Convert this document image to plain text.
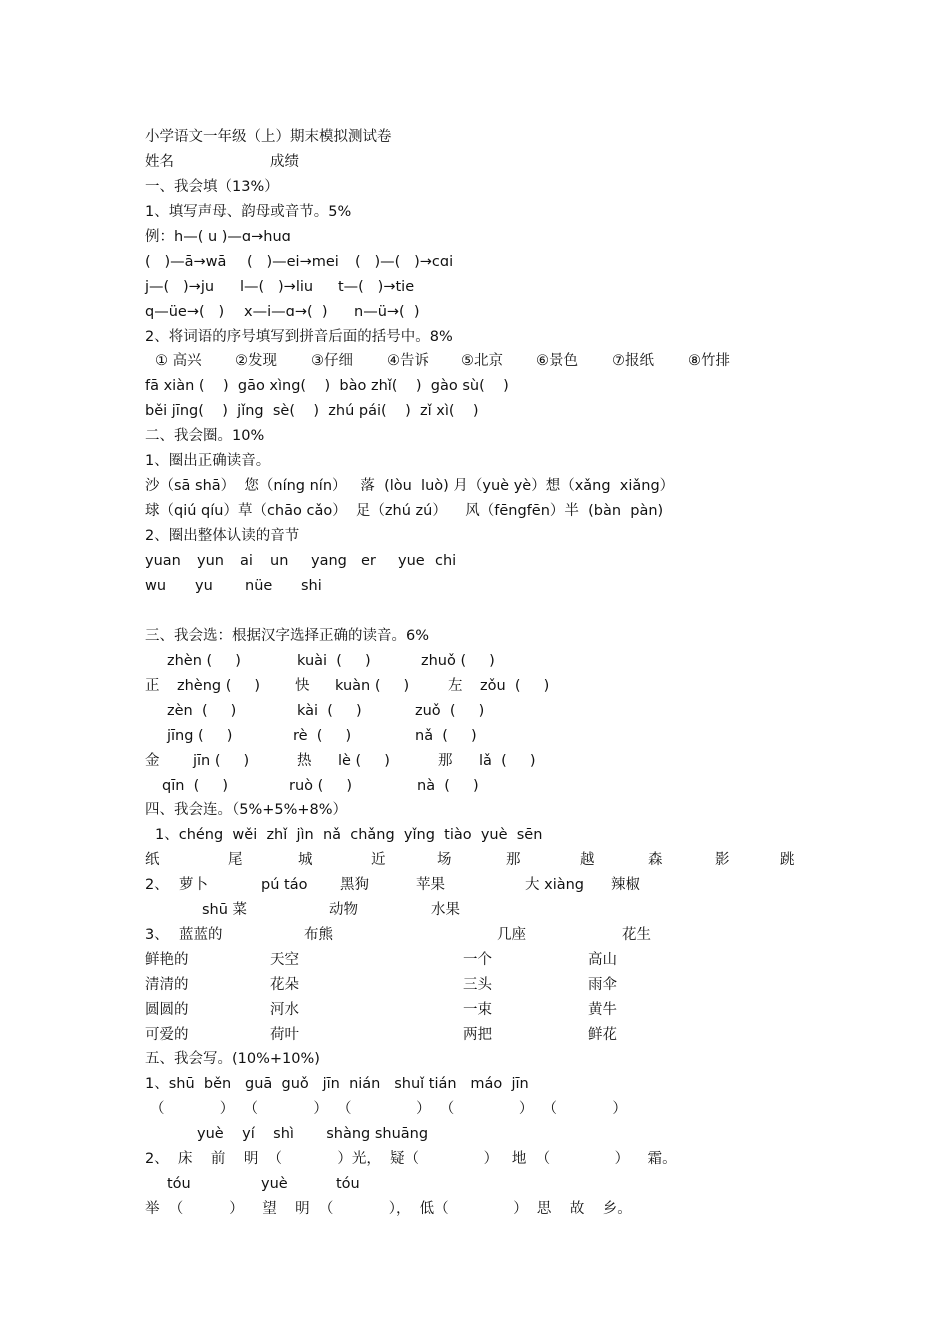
小学语文一年级（上）期末模拟测试卷
姓名	成绩
一、我会填（13%）
1、填写声母、韵母或音节。5%
例：h—( u )—ɑ→huɑ
(   )—ā→wā (   )—ei→mei (   )—(   )→cɑi
j—(   )→ju l—(   )→liu t—(   )→tie
q—üe→(   ) x—i—ɑ→(  ) n—ü→(  )
2、将词语的序号填写到拼音后面的括号中。8%
① 高兴 ②发现 ③仔细 ④告诉 ⑤北京 ⑥景色 ⑦报纸 ⑧竹排
fā xiàn (    )  gāo xìng(    )  bào zhǐ(    )  gào sù(    )
běi jīng(    )  jǐng  sè(    )  zhú pái(    )  zǐ xì(    )
二、我会圈。10%
1、圈出正确读音。
沙（sā shā）  您（níng nín）   落  (lòu  luò) 月（yuè yè）想（xǎng  xiǎng）
球（qiú qíu）草（chāo cǎo）  足（zhú zú）    风（fēngfēn）半  (bàn  pàn)
2、圈出整体认读的音节
yuan yun ai un yang er yue chi
wu yu nüe shi
三、我会选：根据汉字选择正确的读音。6%
zhèn (     )	kuài  (     )	zhuǒ (     )
正 zhèng (     ) 快 kuàn (     )	左 zǒu  (     )
zèn  (     )	kài  (     )	zuǒ  (     )
jīng (     )	rè  (     )	nǎ  (     )
金 jīn (     )	热 lè (     )	那 lǎ  (     )
qīn  (     )	ruò (     )	nà  (     )
四、我会连。（5%+5%+8%）
1、chéng  wěi  zhǐ  jìn  nǎ  chǎng  yǐng  tiào  yuè  sēn
纸	尾	城	近	场	那	越	森	影	跳
2、 萝卜	pú táo 黑狗	苹果	大 xiàng 辣椒
shū 菜	动物	水果
3、 蓝蓝的	布熊	几座	花生
鲜艳的	天空	一个	高山
清清的	花朵	三头	雨伞
圆圆的	河水	一束	黄牛
可爱的	荷叶	两把	鲜花
五、我会写。(10%+10%)
1、shū  běn   guā  guǒ   jīn  nián   shuǐ tián   máo  jīn
（            ）  （            ）  （              ）  （              ）  （            ）
yuè    yí    shì       shàng shuāng
2、  床    前    明  （            ）光，  疑（              ）   地  （              ）    霜。
tóu	yuè	tóu
举  （          ）    望    明  （            ），  低（              ）  思    故    乡。
